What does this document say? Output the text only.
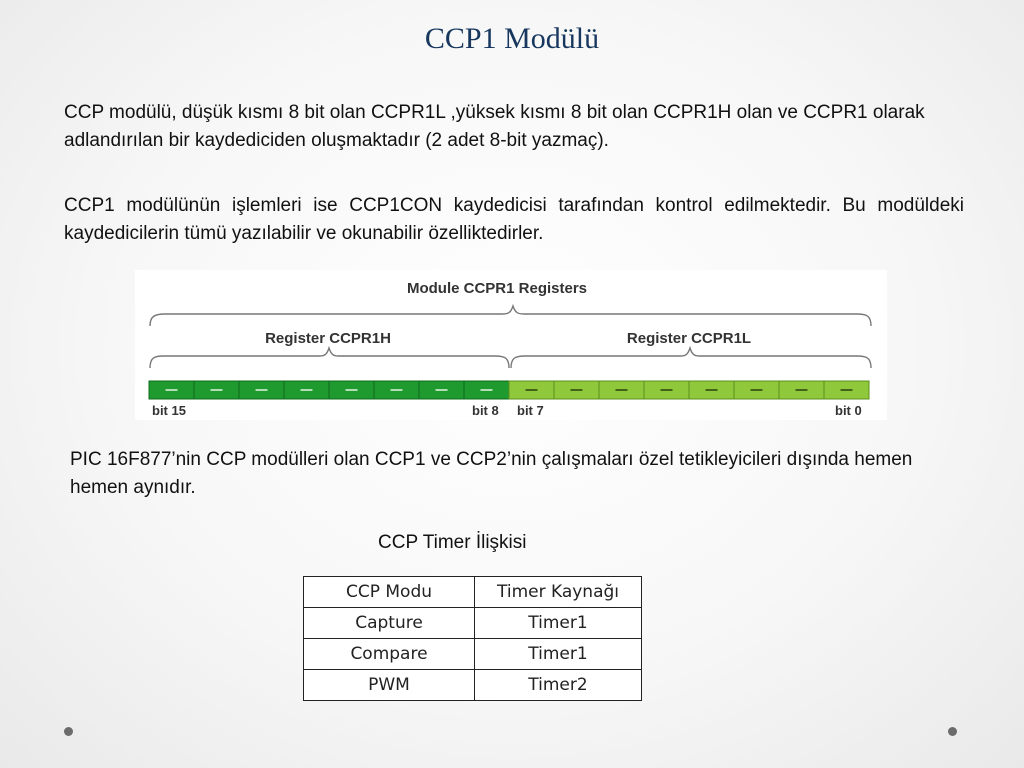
CCP1 Modülü
CCP modülü, düşük kısmı 8 bit olan CCPR1L ,yüksek kısmı 8 bit olan CCPR1H olan ve CCPR1 olarak adlandırılan bir kaydediciden oluşmaktadır (2 adet 8-bit yazmaç).
CCP1 modülünün işlemleri ise CCP1CON kaydedicisi tarafından kontrol edilmektedir. Bu modüldeki kaydedicilerin tümü yazılabilir ve okunabilir özelliktedirler.
Module CCPR1 Registers
Register CCPR1H	Register CCPR1L
bit 15	bit 8 bit 7	bit 0
PIC 16F877’nin CCP modülleri olan CCP1 ve CCP2’nin çalışmaları özel tetikleyicileri dışında hemen hemen aynıdır.
CCP Timer İlişkisi
CCP Modu	Timer Kaynağı
Capture	Timer1
Compare	Timer1
PWM	Timer2
